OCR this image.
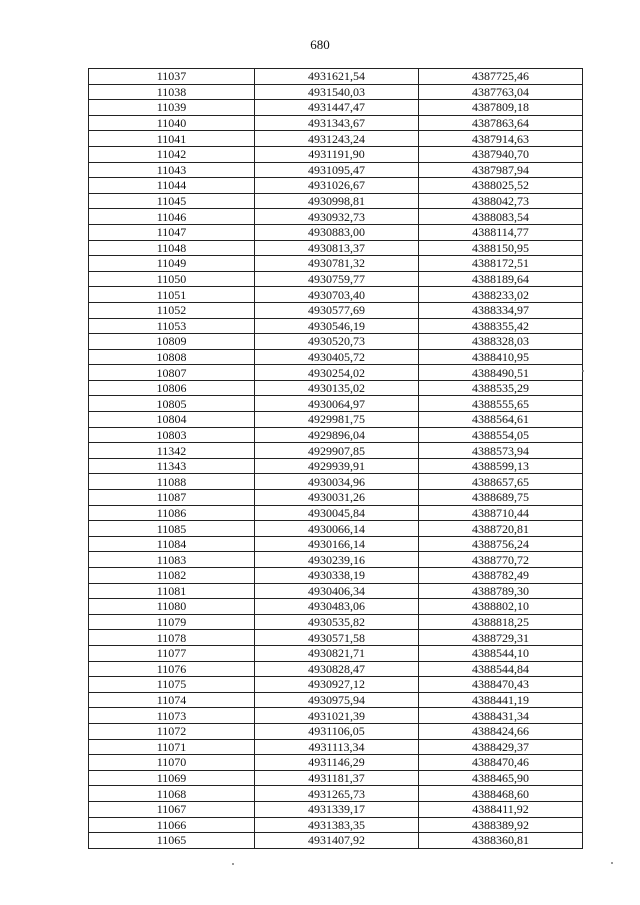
680
11037	4931621,54	4387725,46
11038	4931540,03	4387763,04
11039	4931447,47	4387809,18
11040	4931343,67	4387863,64
11041	4931243,24	4387914,63
11042	4931191,90	4387940,70
11043	4931095,47	4387987,94
11044	4931026,67	4388025,52
11045	4930998,81	4388042,73
11046	4930932,73	4388083,54
11047	4930883,00	4388114,77
11048	4930813,37	4388150,95
11049	4930781,32	4388172,51
11050	4930759,77	4388189,64
11051	4930703,40	4388233,02
11052	4930577,69	4388334,97
11053	4930546,19	4388355,42
10809	4930520,73	4388328,03
10808	4930405,72	4388410,95
10807	4930254,02	4388490,51
10806	4930135,02	4388535,29
10805	4930064,97	4388555,65
10804	4929981,75	4388564,61
10803	4929896,04	4388554,05
11342	4929907,85	4388573,94
11343	4929939,91	4388599,13
11088	4930034,96	4388657,65
11087	4930031,26	4388689,75
11086	4930045,84	4388710,44
11085	4930066,14	4388720,81
11084	4930166,14	4388756,24
11083	4930239,16	4388770,72
11082	4930338,19	4388782,49
11081	4930406,34	4388789,30
11080	4930483,06	4388802,10
11079	4930535,82	4388818,25
11078	4930571,58	4388729,31
11077	4930821,71	4388544,10
11076	4930828,47	4388544,84
11075	4930927,12	4388470,43
11074	4930975,94	4388441,19
11073	4931021,39	4388431,34
11072	4931106,05	4388424,66
11071	4931113,34	4388429,37
11070	4931146,29	4388470,46
11069	4931181,37	4388465,90
11068	4931265,73	4388468,60
11067	4931339,17	4388411,92
11066	4931383,35	4388389,92
11065	4931407,92	4388360,81
